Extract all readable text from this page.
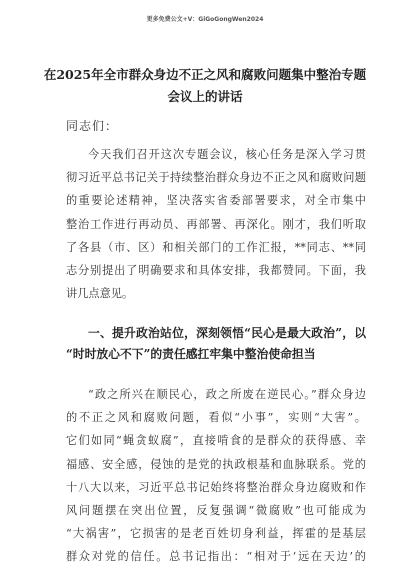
更多免费公文+V：GiGoGongWen2024
在2025年全市群众身边不正之风和腐败问题集中整治专题
会议上的讲话
同志们：
今天我们召开这次专题会议，核心任务是深入学习贯
彻习近平总书记关于持续整治群众身边不正之风和腐败问题
的重要论述精神，坚决落实省委部署要求，对全市集中
整治工作进行再动员、再部署、再深化。刚才，我们听取
了各县（市、区）和相关部门的工作汇报，**同志、**同
志分别提出了明确要求和具体安排，我都赞同。下面，我
讲几点意见。
一、提升政治站位，深刻领悟“民心是最大政治”，以
“时时放心不下”的责任感扛牢集中整治使命担当
“政之所兴在顺民心，政之所废在逆民心。”群众身边
的不正之风和腐败问题，看似“小事”，实则“大害”。
它们如同“蝇贪蚁腐”，直接啃食的是群众的获得感、幸
福感、安全感，侵蚀的是党的执政根基和血脉联系。党的
十八大以来，习近平总书记始终将整治群众身边腐败和作
风问题摆在突出位置，反复强调“微腐败”也可能成为
“大祸害”，它损害的是老百姓切身利益，挥霍的是基层
群众对党的信任。总书记指出：“相对于‘远在天边’的
